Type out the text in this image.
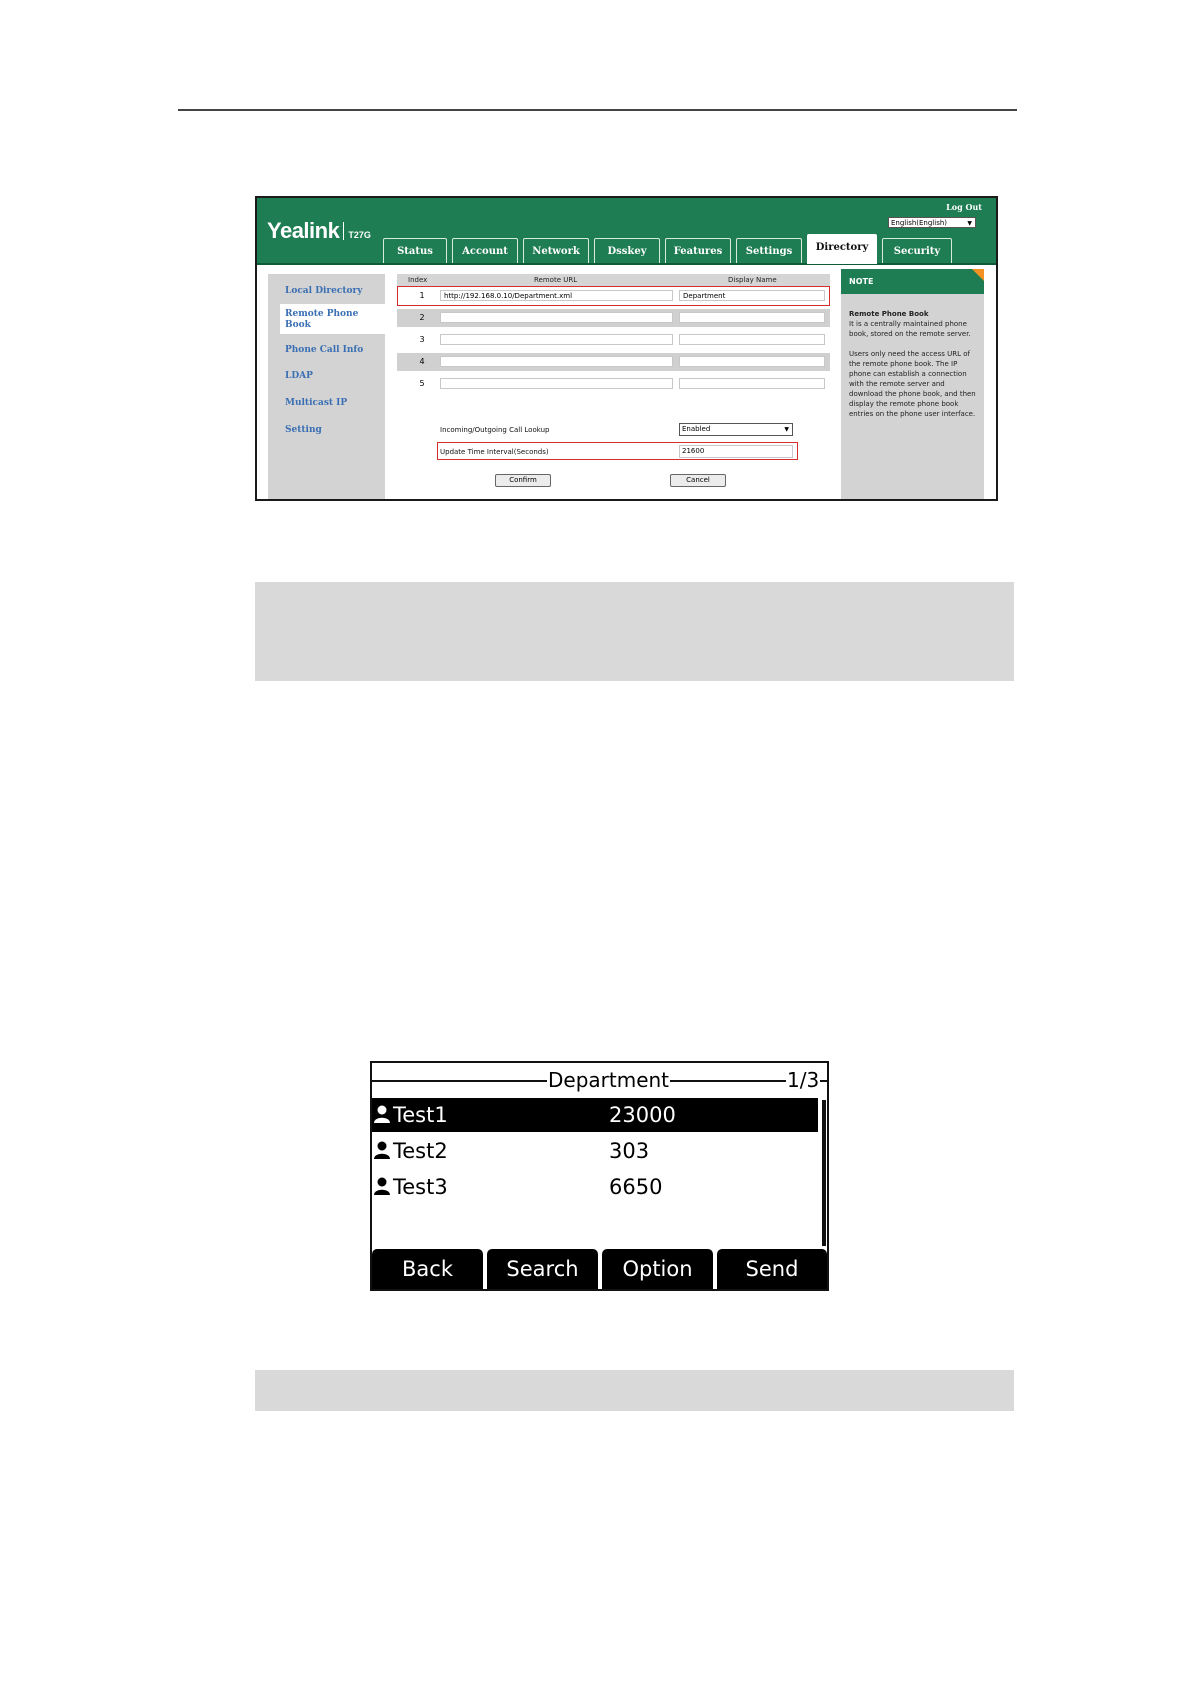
Yealink T27G
Log Out
English(English)	▼
Status	Account	Network	Dsskey	Features	Settings	Directory	Security
Local Directory
Remote Phone Book
Phone Call Info
LDAP
Multicast IP
Setting
Index	Remote URL	Display Name
1	http://192.168.0.10/Department.xml	Department
2
3
4
5
Incoming/Outgoing Call Lookup	Enabled	▼
Update Time Interval(Seconds)	21600
Confirm	Cancel
NOTE
Remote Phone Book
It is a centrally maintained phone book, stored on the remote server.
Users only need the access URL of the remote phone book. The IP phone can establish a connection with the remote server and download the phone book, and then display the remote phone book entries on the phone user interface.
Department	1/3
Test1	23000
Test2	303
Test3	6650
Back	Search	Option	Send
